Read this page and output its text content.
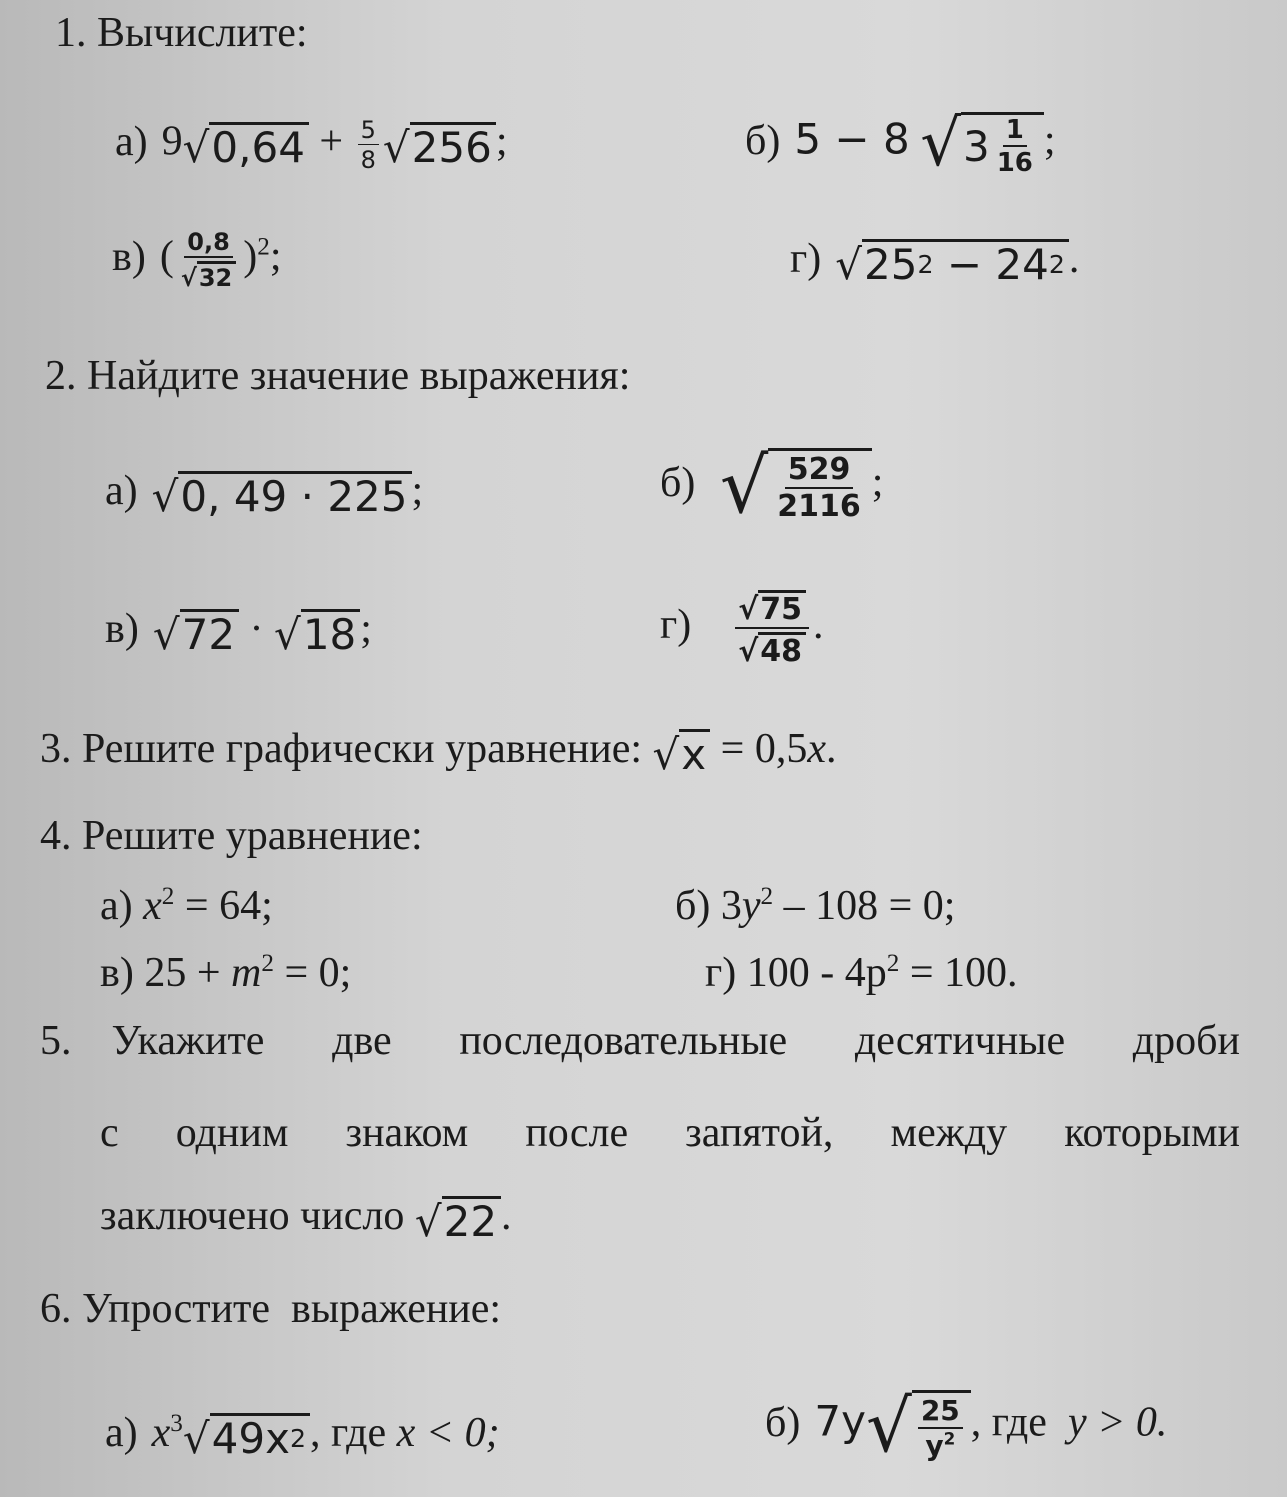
1. Вычислите:
а) 9 √ $0,64 + \frac{5}{8}$ √ 256 ;	б) 5 − 8 √ $3 \frac{1}{16}$ ;
в) ( $\frac{0,8}{√ 32} )^2$;	г) √ 25 2 − 24 2 .
2. Найдите значение выражения:
а) √ 0, 49 · 225 ;	б) √ $\frac{529}{2116}$ ;
в) √ 72 · √ 18 ;	$г) \frac{√ 75}{√ 48}$ .
3. Решите графически уравнение: √ x = 0,5x.
4. Решите уравнение:
а) $x^2 = 64$;	б) $3y^2 - 108 = 0$;
в) $25 + m^2 = 0$;	г) $100 - 4p^2 = 100$.
5. Укажите две последовательные десятичные дроби
с одним знаком после запятой, между которыми
заключено число √ 22 .
6. Упростите  выражение:
а) $x^3$ √ 49x 2 , где x < 0;	б) 7y √ $\frac{25}{y^2}$ , где  y > 0.
